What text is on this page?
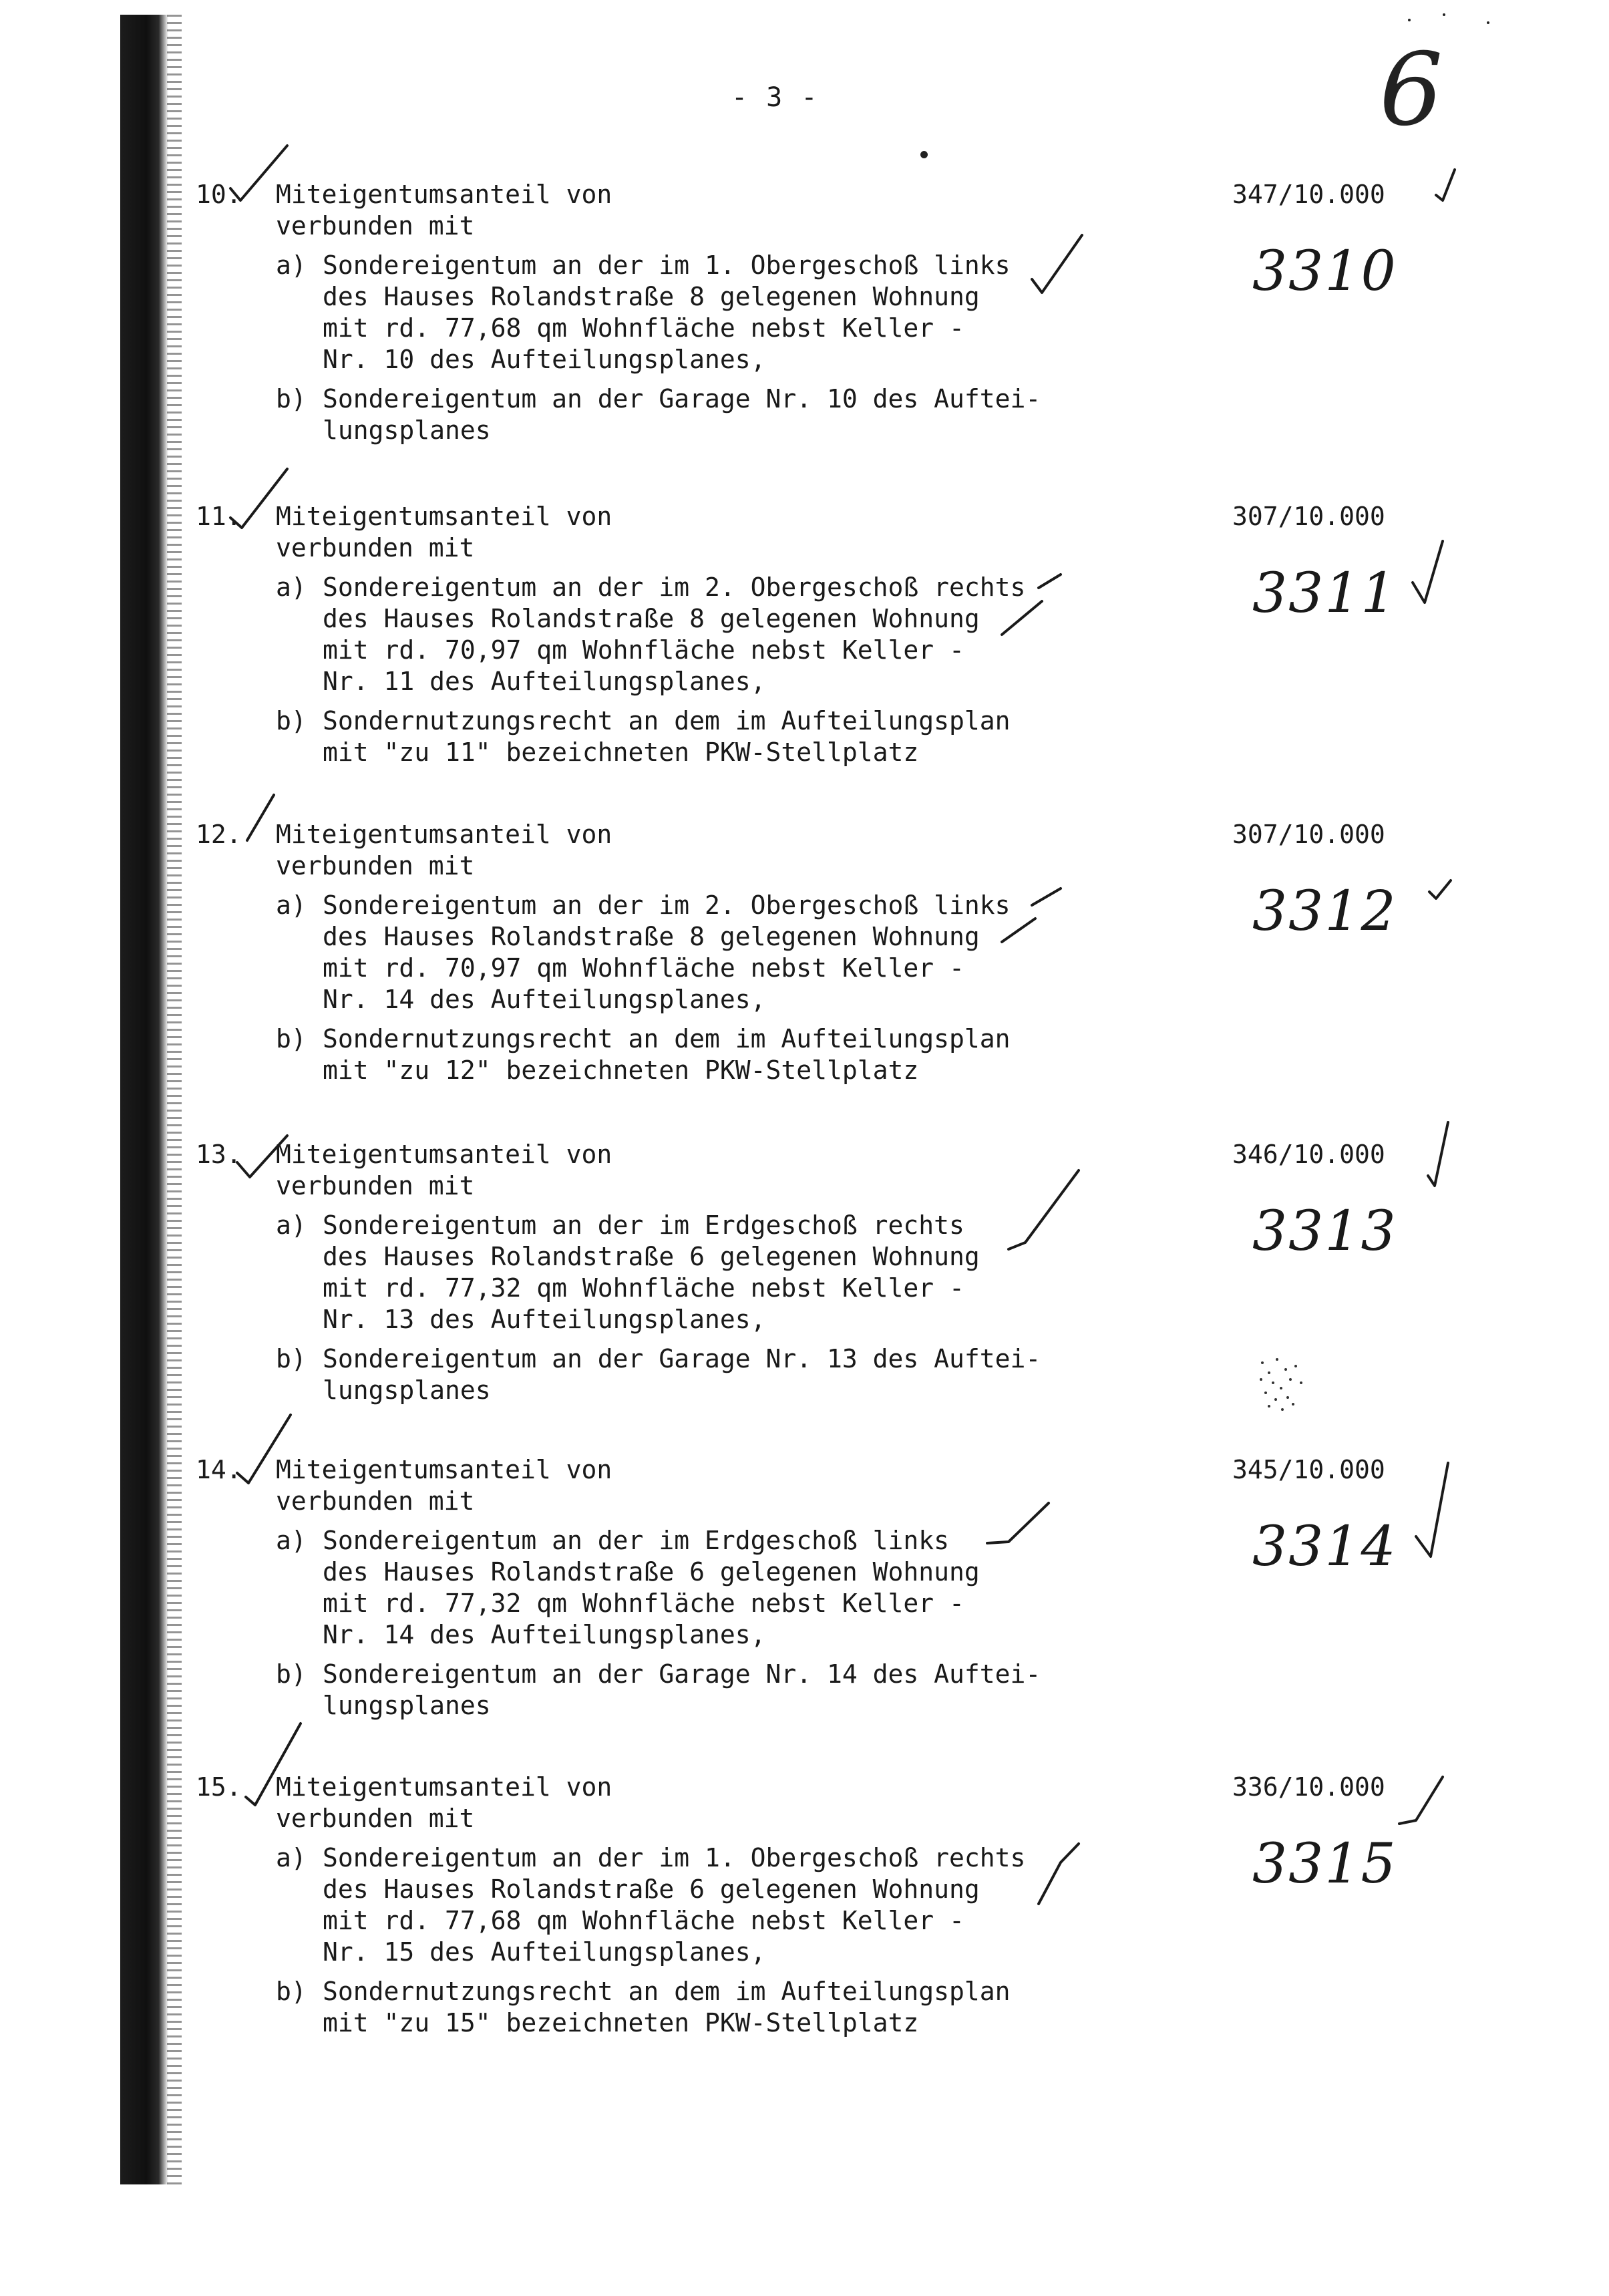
- 3 -	6
10. Miteigentumsanteil von
verbunden mit
a) Sondereigentum an der im 1. Obergeschoß links
des Hauses Rolandstraße 8 gelegenen Wohnung
mit rd. 77,68 qm Wohnfläche nebst Keller -
Nr. 10 des Aufteilungsplanes,
b) Sondereigentum an der Garage Nr. 10 des Auftei-
lungsplanes
347/10.000
3310
11. Miteigentumsanteil von
verbunden mit
a) Sondereigentum an der im 2. Obergeschoß rechts
des Hauses Rolandstraße 8 gelegenen Wohnung
mit rd. 70,97 qm Wohnfläche nebst Keller -
Nr. 11 des Aufteilungsplanes,
b) Sondernutzungsrecht an dem im Aufteilungsplan
mit "zu 11" bezeichneten PKW-Stellplatz
307/10.000
3311
12. Miteigentumsanteil von
verbunden mit
a) Sondereigentum an der im 2. Obergeschoß links
des Hauses Rolandstraße 8 gelegenen Wohnung
mit rd. 70,97 qm Wohnfläche nebst Keller -
Nr. 14 des Aufteilungsplanes,
b) Sondernutzungsrecht an dem im Aufteilungsplan
mit "zu 12" bezeichneten PKW-Stellplatz
307/10.000
3312
13. Miteigentumsanteil von
verbunden mit
a) Sondereigentum an der im Erdgeschoß rechts
des Hauses Rolandstraße 6 gelegenen Wohnung
mit rd. 77,32 qm Wohnfläche nebst Keller -
Nr. 13 des Aufteilungsplanes,
b) Sondereigentum an der Garage Nr. 13 des Auftei-
lungsplanes
346/10.000
3313
14. Miteigentumsanteil von
verbunden mit
a) Sondereigentum an der im Erdgeschoß links
des Hauses Rolandstraße 6 gelegenen Wohnung
mit rd. 77,32 qm Wohnfläche nebst Keller -
Nr. 14 des Aufteilungsplanes,
b) Sondereigentum an der Garage Nr. 14 des Auftei-
lungsplanes
345/10.000
3314
15. Miteigentumsanteil von
verbunden mit
a) Sondereigentum an der im 1. Obergeschoß rechts
des Hauses Rolandstraße 6 gelegenen Wohnung
mit rd. 77,68 qm Wohnfläche nebst Keller -
Nr. 15 des Aufteilungsplanes,
b) Sondernutzungsrecht an dem im Aufteilungsplan
mit "zu 15" bezeichneten PKW-Stellplatz
336/10.000
3315
